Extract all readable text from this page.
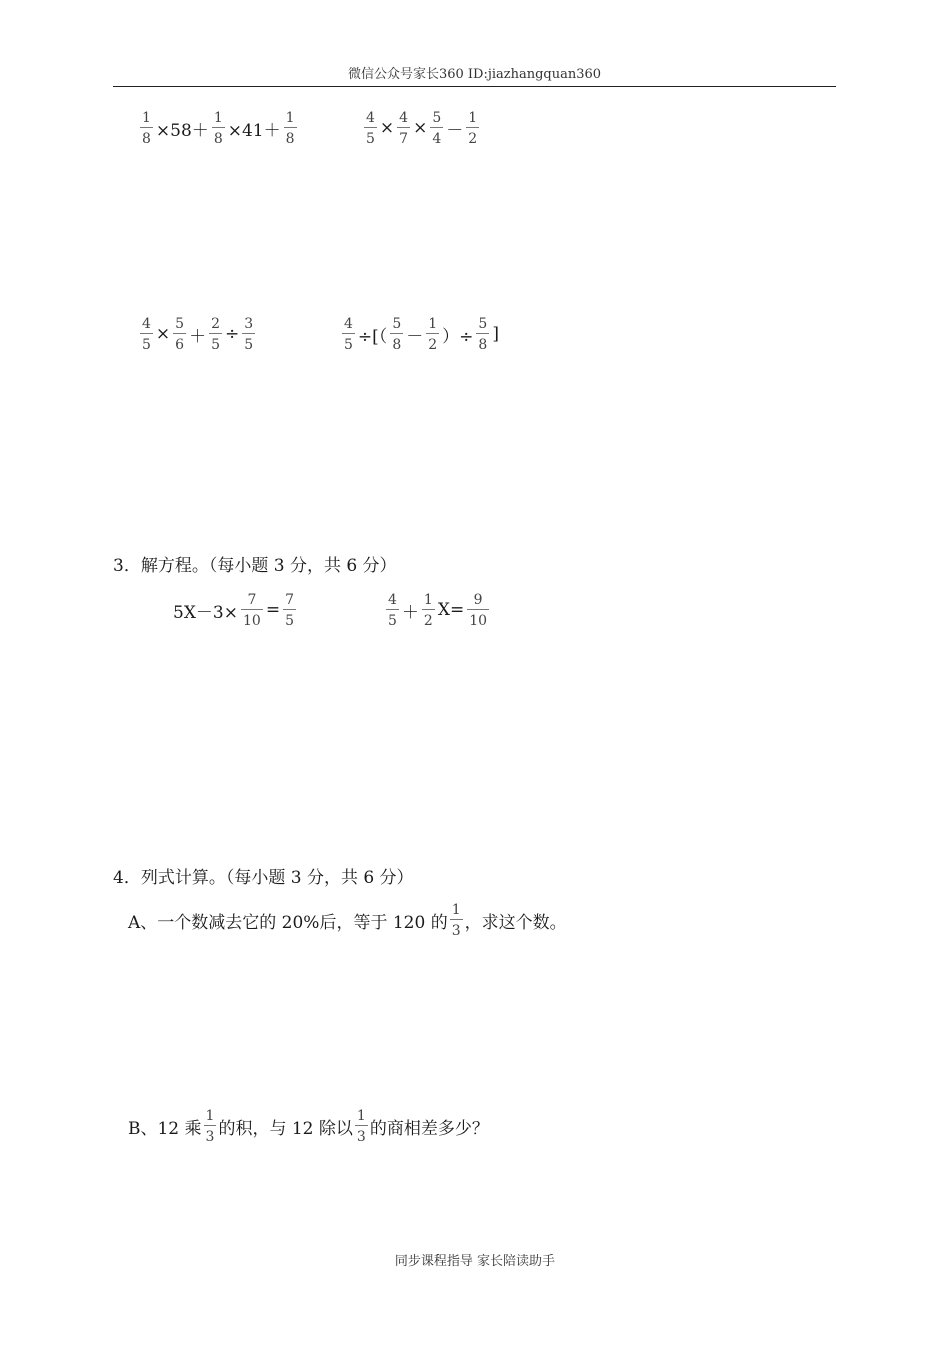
微信公众号家长360 ID:jiazhangquan360
$\frac{1}{8} \times 58+ \frac{1}{8} \times 41+ \frac{1}{8}$	$\frac{4}{5} \times \frac{4}{7} \times \frac{5}{4} - \frac{1}{2}$
$\frac{4}{5} \times \frac{5}{6} + \frac{2}{5} \div \frac{3}{5}$	$\frac{4}{5}$ ÷[（ $\frac{5}{8} - \frac{1}{2}$ ）÷ $\frac{5}{8}$ ]
3．解方程。（每小题 3 分，共 6 分）
$5X-3\times \frac{7}{10} = \frac{7}{5}$	$\frac{4}{5} + \frac{1}{2} X= \frac{9}{10}$
4．列式计算。（每小题 3 分，共 6 分）
A、一个数减去它的 20%后，等于 120 的 $\frac{1}{3}$ ，求这个数。
B、12 乘 $\frac{1}{3}$ 的积，与 12 除以 $\frac{1}{3}$ 的商相差多少？
同步课程指导 家长陪读助手
